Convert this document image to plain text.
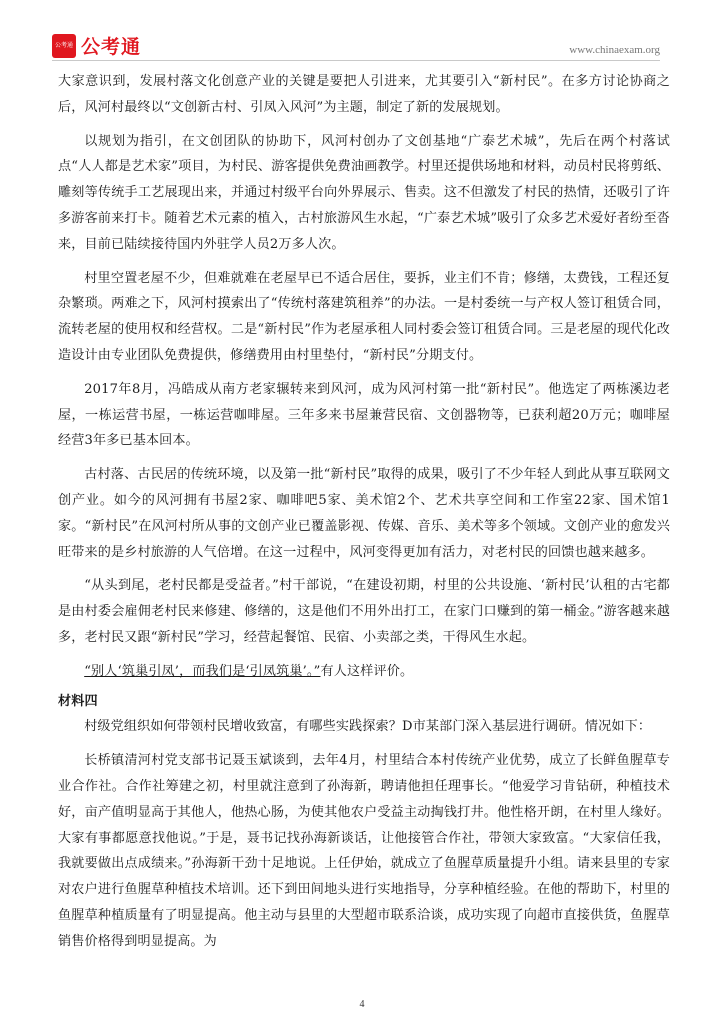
公考通 公考通	www.chinaexam.org

大家意识到，发展村落文化创意产业的关键是要把人引进来，尤其要引入“新村民”。在多方讨论协商之后，风河村最终以“文创新古村、引凤入风河”为主题，制定了新的发展规划。

以规划为指引，在文创团队的协助下，风河村创办了文创基地“广泰艺术城”，先后在两个村落试点“人人都是艺术家”项目，为村民、游客提供免费油画教学。村里还提供场地和材料，动员村民将剪纸、雕刻等传统手工艺展现出来，并通过村级平台向外界展示、售卖。这不但激发了村民的热情，还吸引了许多游客前来打卡。随着艺术元素的植入，古村旅游风生水起，“广泰艺术城”吸引了众多艺术爱好者纷至沓来，目前已陆续接待国内外驻学人员2万多人次。

村里空置老屋不少，但难就难在老屋早已不适合居住，要拆，业主们不肯；修缮，太费钱，工程还复杂繁琐。两难之下，风河村摸索出了“传统村落建筑租养”的办法。一是村委统一与产权人签订租赁合同，流转老屋的使用权和经营权。二是“新村民”作为老屋承租人同村委会签订租赁合同。三是老屋的现代化改造设计由专业团队免费提供，修缮费用由村里垫付，“新村民”分期支付。

2017年8月，冯皓成从南方老家辗转来到风河，成为风河村第一批“新村民”。他选定了两栋溪边老屋，一栋运营书屋，一栋运营咖啡屋。三年多来书屋兼营民宿、文创器物等，已获利超20万元；咖啡屋经营3年多已基本回本。

古村落、古民居的传统环境，以及第一批“新村民”取得的成果，吸引了不少年轻人到此从事互联网文创产业。如今的风河拥有书屋2家、咖啡吧5家、美术馆2个、艺术共享空间和工作室22家、国术馆1家。“新村民”在风河村所从事的文创产业已覆盖影视、传媒、音乐、美术等多个领域。文创产业的愈发兴旺带来的是乡村旅游的人气倍增。在这一过程中，风河变得更加有活力，对老村民的回馈也越来越多。

“从头到尾，老村民都是受益者。”村干部说，“在建设初期，村里的公共设施、‘新村民’认租的古宅都是由村委会雇佣老村民来修建、修缮的，这是他们不用外出打工，在家门口赚到的第一桶金。”游客越来越多，老村民又跟“新村民”学习，经营起餐馆、民宿、小卖部之类，干得风生水起。

“别人‘筑巢引凤’，而我们是‘引凤筑巢’。”有人这样评价。

材料四

村级党组织如何带领村民增收致富，有哪些实践探索？D市某部门深入基层进行调研。情况如下：

长桥镇清河村党支部书记聂玉斌谈到，去年4月，村里结合本村传统产业优势，成立了长鲜鱼腥草专业合作社。合作社筹建之初，村里就注意到了孙海新，聘请他担任理事长。“他爱学习肯钻研，种植技术好，亩产值明显高于其他人，他热心肠，为使其他农户受益主动掏钱打井。他性格开朗，在村里人缘好。大家有事都愿意找他说。”于是，聂书记找孙海新谈话，让他接管合作社，带领大家致富。“大家信任我，我就要做出点成绩来。”孙海新干劲十足地说。上任伊始，就成立了鱼腥草质量提升小组。请来县里的专家对农户进行鱼腥草种植技术培训。还下到田间地头进行实地指导，分享种植经验。在他的帮助下，村里的鱼腥草种植质量有了明显提高。他主动与县里的大型超市联系洽谈，成功实现了向超市直接供货，鱼腥草销售价格得到明显提高。为

4
